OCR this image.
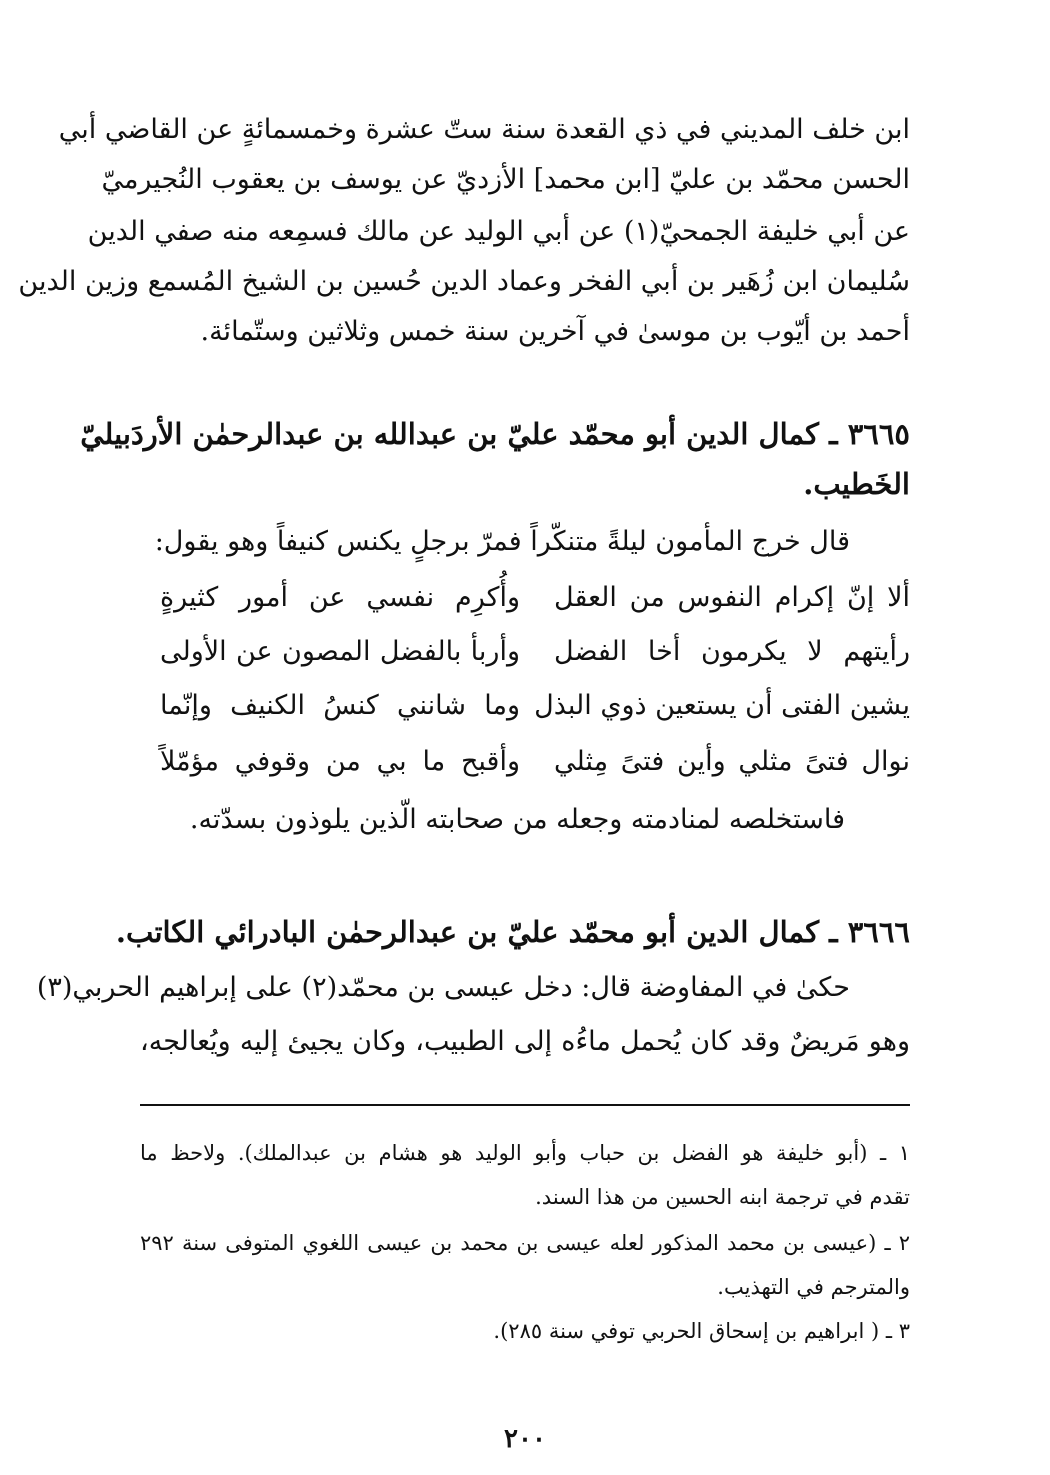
ابن خلف المديني في ذي القعدة سنة ستّ عشرة وخمسمائةٍ عن القاضي أبي
الحسن محمّد بن عليّ [ابن محمد] الأزديّ عن يوسف بن يعقوب النُجيرميّ
عن أبي خليفة الجمحيّ(١) عن أبي الوليد عن مالك فسمِعه منه صفي الدين
سُليمان ابن زُهَير بن أبي الفخر وعماد الدين حُسين بن الشيخ المُسمع وزين الدين
أحمد بن أيّوب بن موسىٰ في آخرين سنة خمس وثلاثين وستّمائة.
٣٦٦٥ ـ كمال الدين أبو محمّد عليّ بن عبدالله بن عبدالرحمٰن الأردَبيليّ
الخَطيب.
قال خرج المأمون ليلةً متنكّراً فمرّ برجلٍ يكنس كنيفاً وهو يقول:
وأُكرِم نفسي عن أمور كثيرةٍ ألا إنّ إكرام النفوس من العقل
وأربأ بالفضل المصون عن الأولى رأيتهم لا يكرمون أخا الفضل
وما شانني كنسُ الكنيف وإنّما يشين الفتى أن يستعين ذوي البذل
وأقبح ما بي من وقوفي مؤمّلاً نوال فتىً مثلي وأين فتىً مِثلي
فاستخلصه لمنادمته وجعله من صحابته الّذين يلوذون بسدّته.
٣٦٦٦ ـ كمال الدين أبو محمّد عليّ بن عبدالرحمٰن البادرائي الكاتب.
حكىٰ في المفاوضة قال: دخل عيسى بن محمّد(٢) على إبراهيم الحربي(٣)
وهو مَريضٌ وقد كان يُحمل ماءُه إلى الطبيب، وكان يجيئ إليه ويُعالجه،
١ ـ (أبو خليفة هو الفضل بن حباب وأبو الوليد هو هشام بن عبدالملك). ولاحظ ما
تقدم في ترجمة ابنه الحسين من هذا السند.
٢ ـ (عيسى بن محمد المذكور لعله عيسى بن محمد بن عيسى اللغوي المتوفى سنة ٢٩٢
والمترجم في التهذيب.
٣ ـ ( ابراهيم بن إسحاق الحربي توفي سنة ٢٨٥).
٢٠٠
